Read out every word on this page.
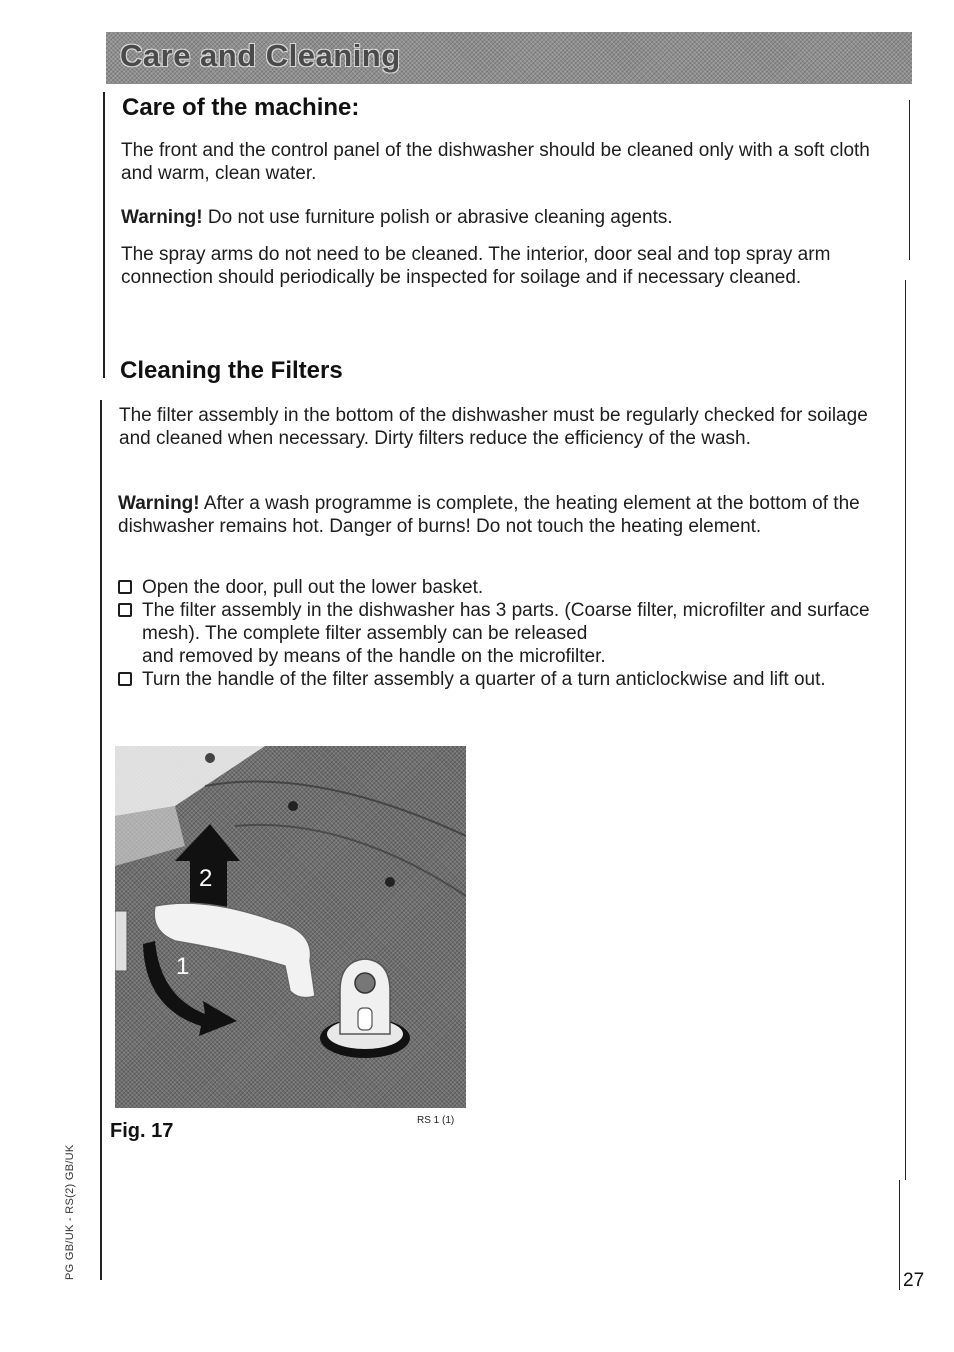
Care and Cleaning
Care of the machine:

The front and the control panel of the dishwasher should be cleaned only with a soft cloth and warm, clean water.

Warning! Do not use furniture polish or abrasive cleaning agents.

The spray arms do not need to be cleaned. The interior, door seal and top spray arm connection should periodically be inspected for soilage and if necessary cleaned.

Cleaning the Filters

The filter assembly in the bottom of the dishwasher must be regularly checked for soilage and cleaned when necessary. Dirty filters reduce the efficiency of the wash.

Warning! After a wash programme is complete, the heating element at the bottom of the dishwasher remains hot. Danger of burns! Do not touch the heating element.

Open the door, pull out the lower basket.
The filter assembly in the dishwasher has 3 parts. (Coarse filter, microfilter and surface mesh). The complete filter assembly can be released
and removed by means of the handle on the microfilter.
Turn the handle of the filter assembly a quarter of a turn anticlockwise and lift out.
2
1
Fig. 17	RS 1 (1)
PG GB/UK - RS(2) GB/UK
27
